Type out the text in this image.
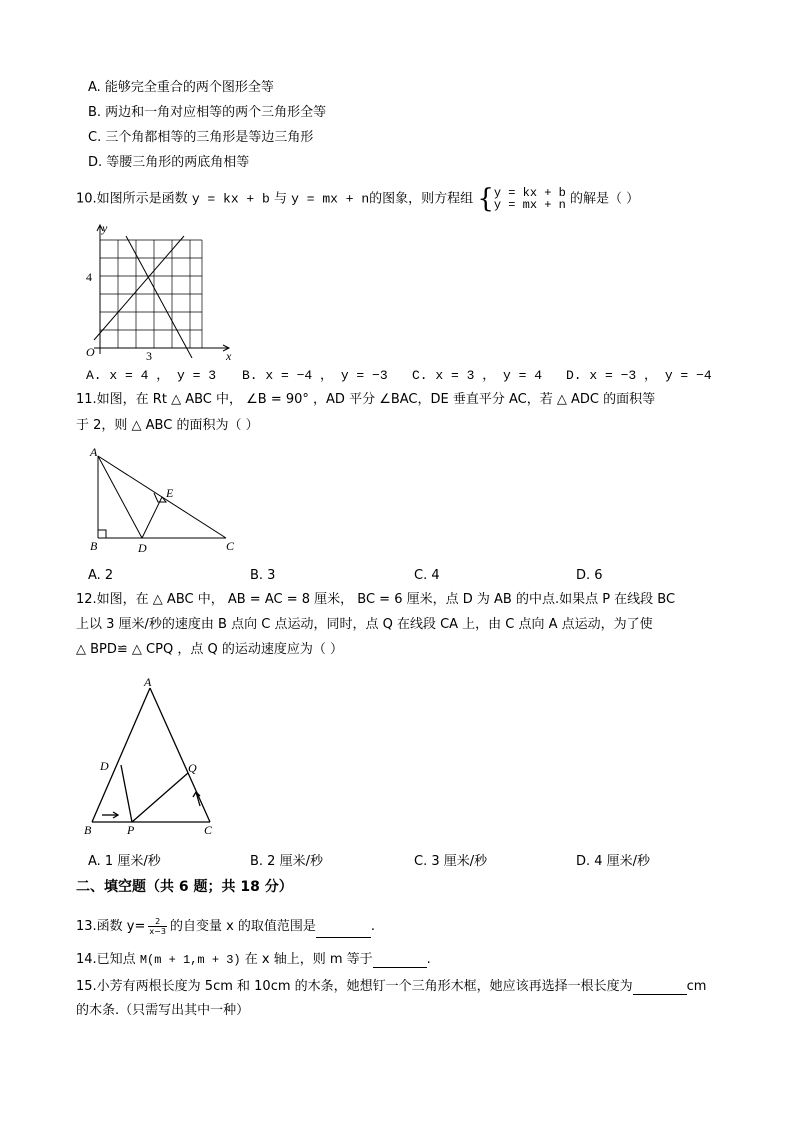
A. 能够完全重合的两个图形全等
B. 两边和一角对应相等的两个三角形全等
C. 三个角都相等的三角形是等边三角形
D. 等腰三角形的两底角相等
10.如图所示是函数 y = kx + b 与 y = mx + n的图象，则方程组 { y = kx + b
y = mx + n 的解是（ ）
y
x
O
4
3
A. x = 4 ， y = 3 B. x = −4 ， y = −3 C. x = 3 ， y = 4 D. x = −3 ， y = −4
11.如图，在 Rt △ ABC 中， ∠B = 90° ，AD 平分 ∠BAC，DE 垂直平分 AC，若 △ ADC 的面积等
于 2，则 △ ABC 的面积为（ ）
A
B	C
D
E
A. 2	B. 3	C. 4	D. 6
12.如图，在 △ ABC 中， AB = AC = 8 厘米， BC = 6 厘米，点 D 为 AB 的中点.如果点 P 在线段 BC
上以 3 厘米/秒的速度由 B 点向 C 点运动，同时，点 Q 在线段 CA 上，由 C 点向 A 点运动，为了使
△ BPD≌ △ CPQ ，点 Q 的运动速度应为（ ）
A
B	C
D
P
Q
A. 1 厘米/秒	B. 2 厘米/秒	C. 3 厘米/秒	D. 4 厘米/秒
二、填空题（共 6 题；共 18 分）
13.函数 $y= \frac{2}{x-3}$ 的自变量 x 的取值范围是	.
14.已知点 M(m + 1,m + 3) 在 x 轴上，则 m 等于	.
15.小芳有两根长度为 5cm 和 10cm 的木条，她想钉一个三角形木框，她应该再选择一根长度为	cm
的木条.（只需写出其中一种）
